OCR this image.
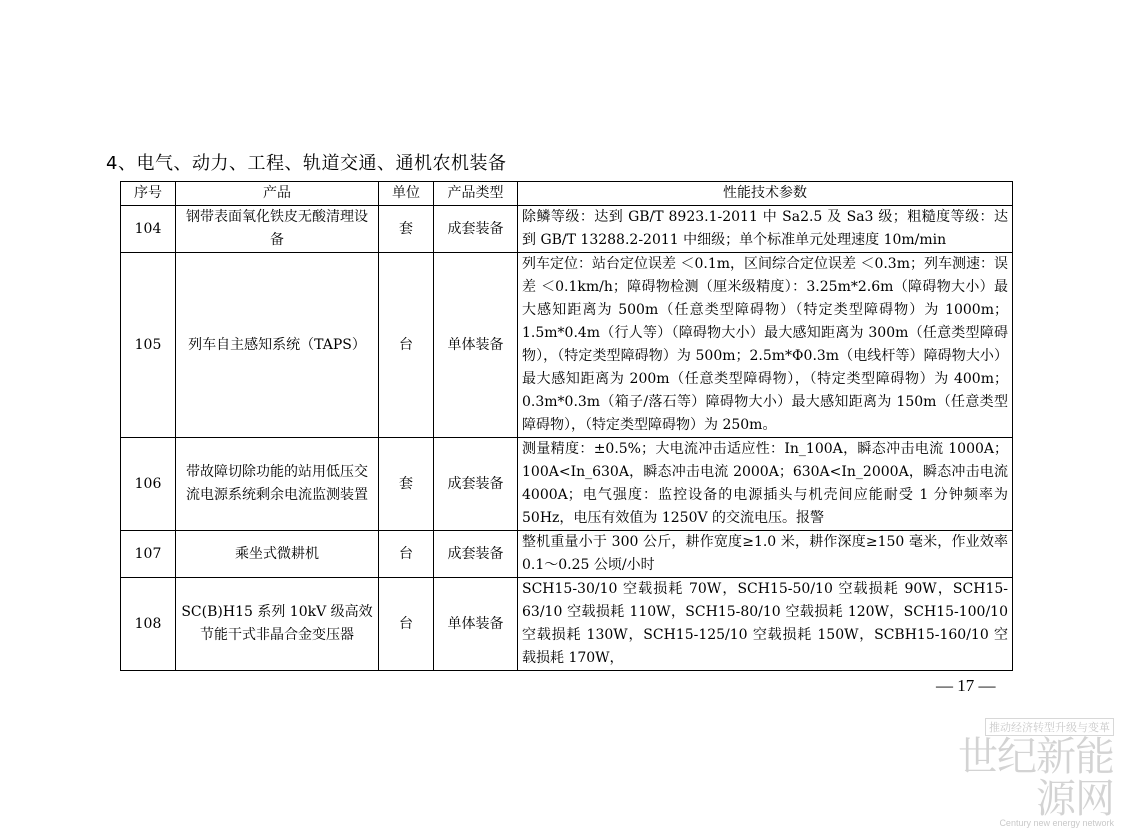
4、电气、动力、工程、轨道交通、通机农机装备
序号	产品	单位	产品类型	性能技术参数
104	钢带表面氧化铁皮无酸清理设备	套	成套装备	除鳞等级：达到 GB/T 8923.1-2011 中 Sa2.5 及 Sa3 级；粗糙度等级：达到 GB/T 13288.2-2011 中细级；单个标准单元处理速度 10m/min
105	列车自主感知系统（TAPS）	台	单体装备	列车定位：站台定位误差 ＜0.1m，区间综合定位误差 ＜0.3m；列车测速：误差 ＜0.1km/h；障碍物检测（厘米级精度）：3.25m*2.6m（障碍物大小）最大感知距离为 500m（任意类型障碍物）（特定类型障碍物）为 1000m；1.5m*0.4m（行人等）（障碍物大小）最大感知距离为 300m（任意类型障碍物），（特定类型障碍物）为 500m；2.5m*Φ0.3m（电线杆等）障碍物大小）最大感知距离为 200m（任意类型障碍物），（特定类型障碍物）为 400m；0.3m*0.3m（箱子/落石等）障碍物大小）最大感知距离为 150m（任意类型障碍物），（特定类型障碍物）为 250m。
106	带故障切除功能的站用低压交流电源系统剩余电流监测装置	套	成套装备	测量精度：±0.5%；大电流冲击适应性：In_100A，瞬态冲击电流 1000A；100A<In_630A，瞬态冲击电流 2000A；630A<In_2000A，瞬态冲击电流 4000A；电气强度：监控设备的电源插头与机壳间应能耐受 1 分钟频率为 50Hz，电压有效值为 1250V 的交流电压。报警
107	乘坐式微耕机	台	成套装备	整机重量小于 300 公斤，耕作宽度≥1.0 米，耕作深度≥150 毫米，作业效率 0.1～0.25 公顷/小时
108	SC(B)H15 系列 10kV 级高效节能干式非晶合金变压器	台	单体装备	SCH15-30/10 空载损耗 70W，SCH15-50/10 空载损耗 90W，SCH15-63/10 空载损耗 110W，SCH15-80/10 空载损耗 120W，SCH15-100/10 空载损耗 130W，SCH15-125/10 空载损耗 150W，SCBH15-160/10 空载损耗 170W，
— 17 —
推动经济转型升级与变革
世纪新能源网
Century new energy network
